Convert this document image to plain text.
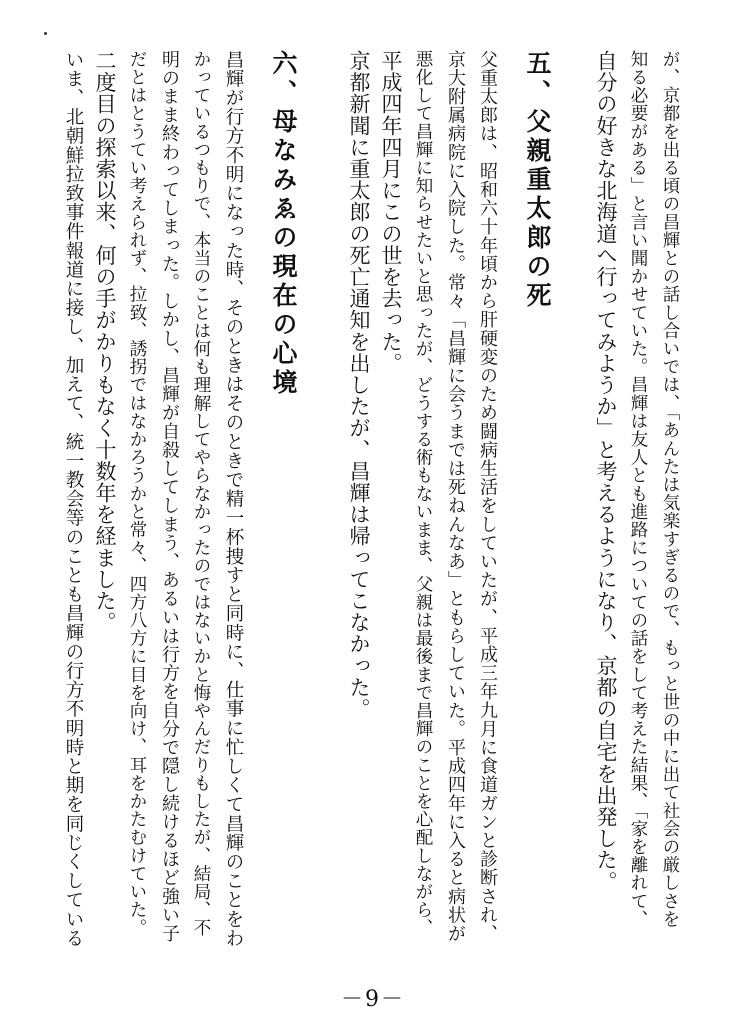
が、京都を出る頃の昌輝との話し合いでは、「あんたは気楽すぎるので、もっと世の中に出て社会の厳しさを
知る必要がある」と言い聞かせていた。昌輝は友人とも進路についての話をして考えた結果、「家を離れて、
自分の好きな北海道へ行ってみようか」と考えるようになり、京都の自宅を出発した。
五、父親重太郎の死
父重太郎は、昭和六十年頃から肝硬変のため闘病生活をしていたが、平成三年九月に食道ガンと診断され、
京大附属病院に入院した。常々「昌輝に会うまでは死ねんなあ」ともらしていた。平成四年に入ると病状が
悪化して昌輝に知らせたいと思ったが、どうする術もないまま、父親は最後まで昌輝のことを心配しながら、
平成四年四月にこの世を去った。
京都新聞に重太郎の死亡通知を出したが、昌輝は帰ってこなかった。
六、母なみゑの現在の心境
昌輝が行方不明になった時、そのときはそのときで精一杯捜すと同時に、仕事に忙しくて昌輝のことをわ
かっているつもりで、本当のことは何も理解してやらなかったのではないかと悔やんだりもしたが、結局、不
明のまま終わってしまった。しかし、昌輝が自殺してしまう、あるいは行方を自分で隠し続けるほど強い子
だとはとうてい考えられず、拉致、誘拐ではなかろうかと常々、四方八方に目を向け、耳をかたむけていた。
二度目の探索以来、何の手がかりもなく十数年を経ました。
いま、北朝鮮拉致事件報道に接し、加えて、統一教会等のことも昌輝の行方不明時と期を同じくしている
－9－
